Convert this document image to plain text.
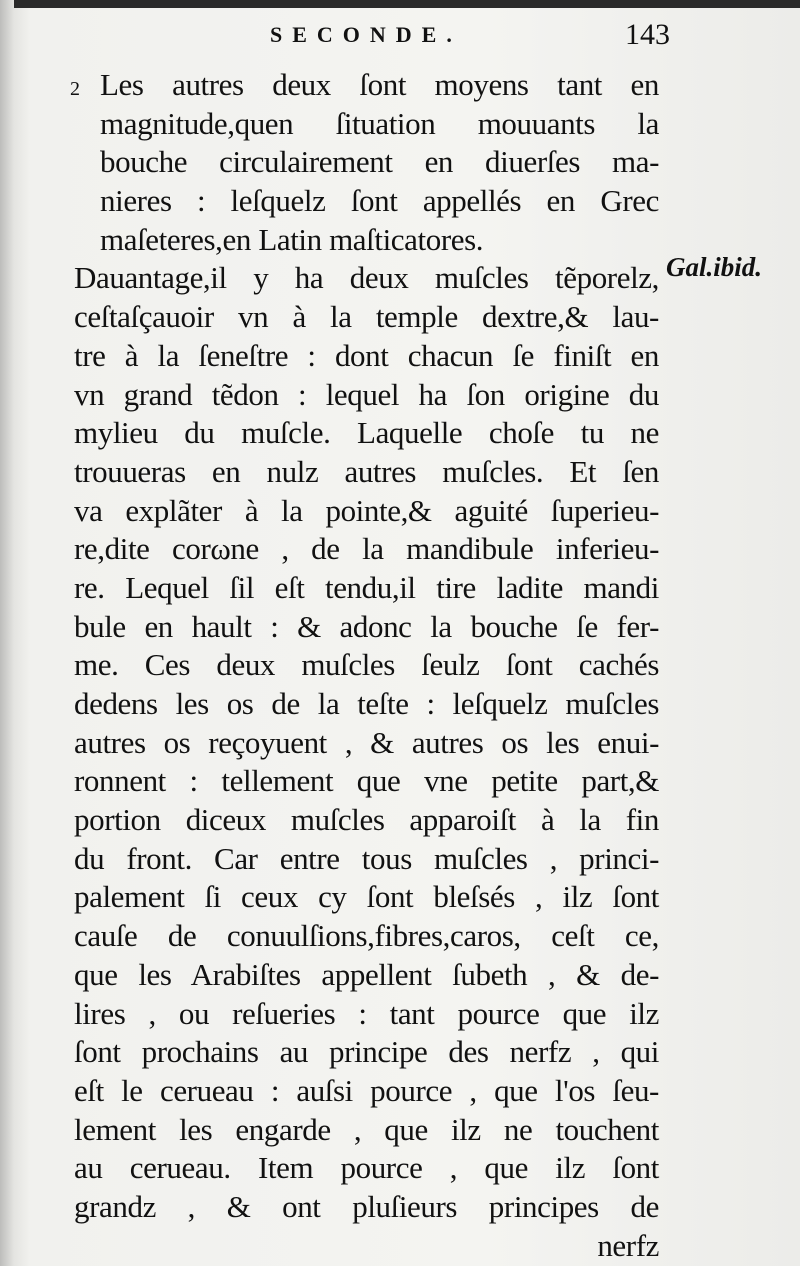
SECONDE.	143
Gal.ibid.
2 Les autres deux ſont moyens tant en
magnitude,quen ſituation mouuants la
bouche circulairement en diuerſes ma-
nieres : leſquelz ſont appellés en Grec
maſeteres,en Latin maſticatores.
Dauantage,il y ha deux muſcles tẽporelz,
ceſtaſçauoir vn à la temple dextre,& lau-
tre à la ſeneſtre : dont chacun ſe finiſt en
vn grand tẽdon : lequel ha ſon origine du
mylieu du muſcle. Laquelle choſe tu ne
trouueras en nulz autres muſcles. Et ſen
va explãter à la pointe,& aguité ſuperieu-
re,dite corωne , de la mandibule inferieu-
re. Lequel ſil eſt tendu,il tire ladite mandi
bule en hault : & adonc la bouche ſe fer-
me. Ces deux muſcles ſeulz ſont cachés
dedens les os de la teſte : leſquelz muſcles
autres os reçoyuent , & autres os les enui-
ronnent : tellement que vne petite part,&
portion diceux muſcles apparoiſt à la fin
du front. Car entre tous muſcles , princi-
palement ſi ceux cy ſont bleſsés , ilz ſont
cauſe de conuulſions,fibres,caros, ceſt ce,
que les Arabiſtes appellent ſubeth , & de-
lires , ou reſueries : tant pource que ilz
ſont prochains au principe des nerfz , qui
eſt le cerueau : auſsi pource , que l'os ſeu-
lement les engarde , que ilz ne touchent
au cerueau. Item pource , que ilz ſont
grandz , & ont pluſieurs principes de
nerfz
